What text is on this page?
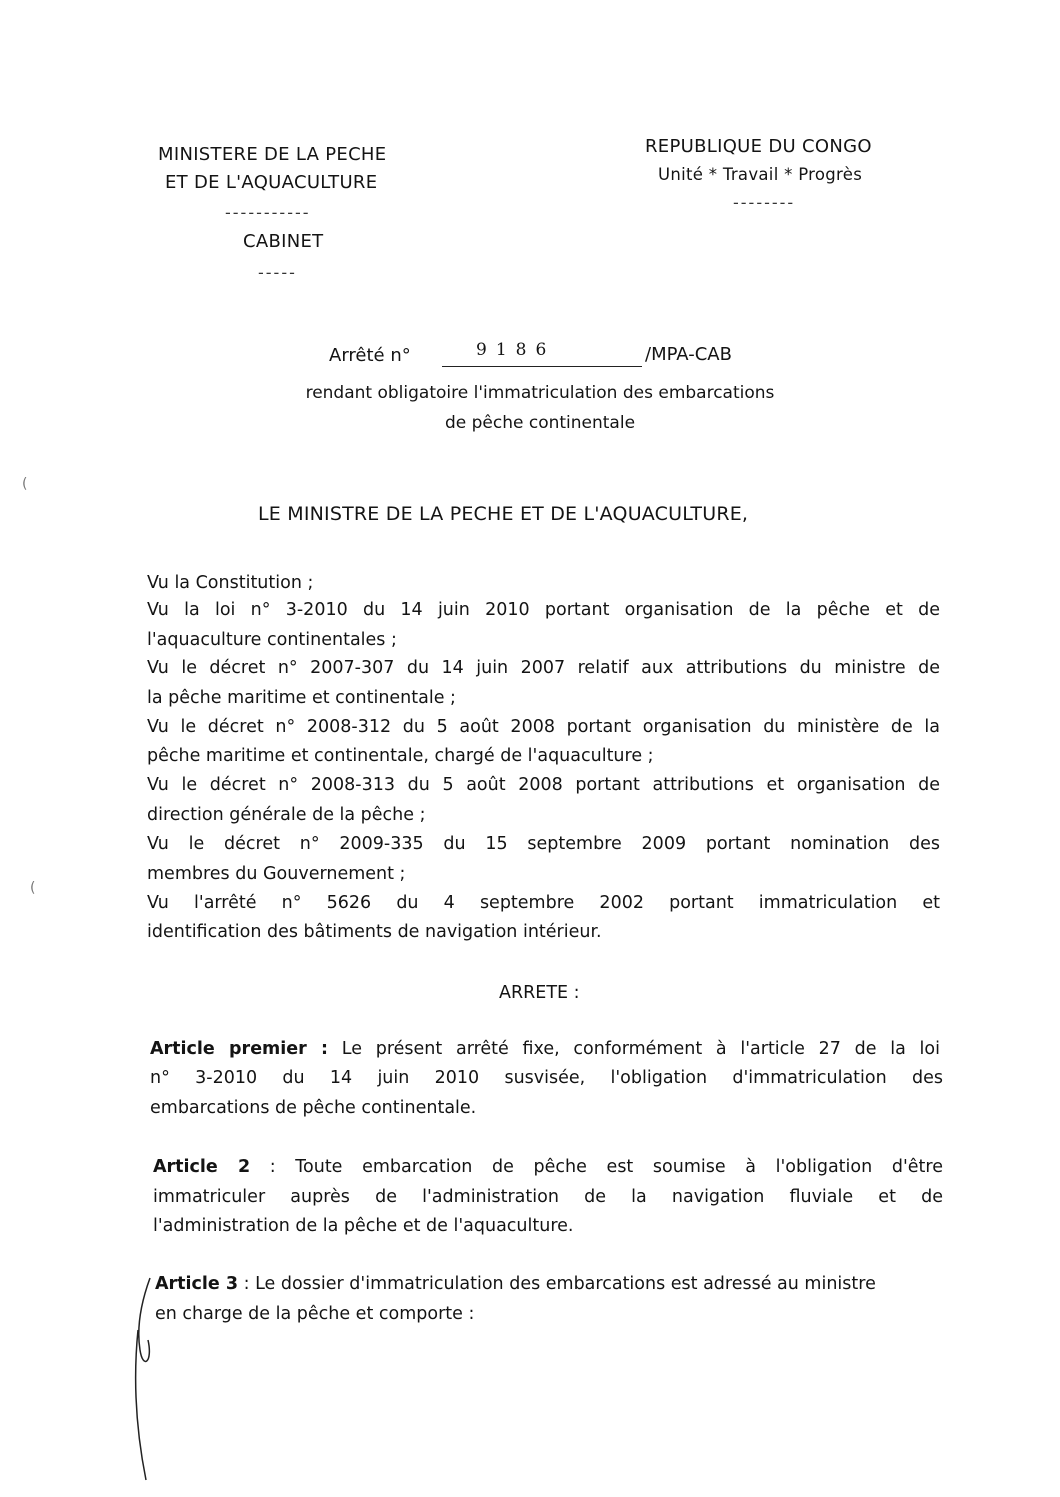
MINISTERE DE LA PECHE
ET DE L'AQUACULTURE
-----------
CABINET
-----
REPUBLIQUE DU CONGO
Unité * Travail * Progrès
--------
Arrêté n°	9186	/MPA-CAB
rendant obligatoire l'immatriculation des embarcations
de pêche continentale
LE MINISTRE DE LA PECHE ET DE L'AQUACULTURE,
Vu la Constitution ;
Vu la loi n° 3-2010 du 14 juin 2010 portant organisation de la pêche et de
l'aquaculture continentales ;
Vu le décret n° 2007-307 du 14 juin 2007 relatif aux attributions du ministre de
la pêche maritime et continentale ;
Vu le décret n° 2008-312 du 5 août 2008 portant organisation du ministère de la
pêche maritime et continentale, chargé de l'aquaculture ;
Vu le décret n° 2008-313 du 5 août 2008 portant attributions et organisation de
direction générale de la pêche ;
Vu le décret n° 2009-335 du 15 septembre 2009 portant nomination des
membres du Gouvernement ;
Vu l'arrêté n° 5626 du 4 septembre 2002 portant immatriculation et
identification des bâtiments de navigation intérieur.
ARRETE :
Article premier : Le présent arrêté fixe, conformément à l'article 27 de la loi
n° 3-2010 du 14 juin 2010 susvisée, l'obligation d'immatriculation des
embarcations de pêche continentale.
Article 2 : Toute embarcation de pêche est soumise à l'obligation d'être
immatriculer auprès de l'administration de la navigation fluviale et de
l'administration de la pêche et de l'aquaculture.
Article 3 : Le dossier d'immatriculation des embarcations est adressé au ministre
en charge de la pêche et comporte :
(
(
